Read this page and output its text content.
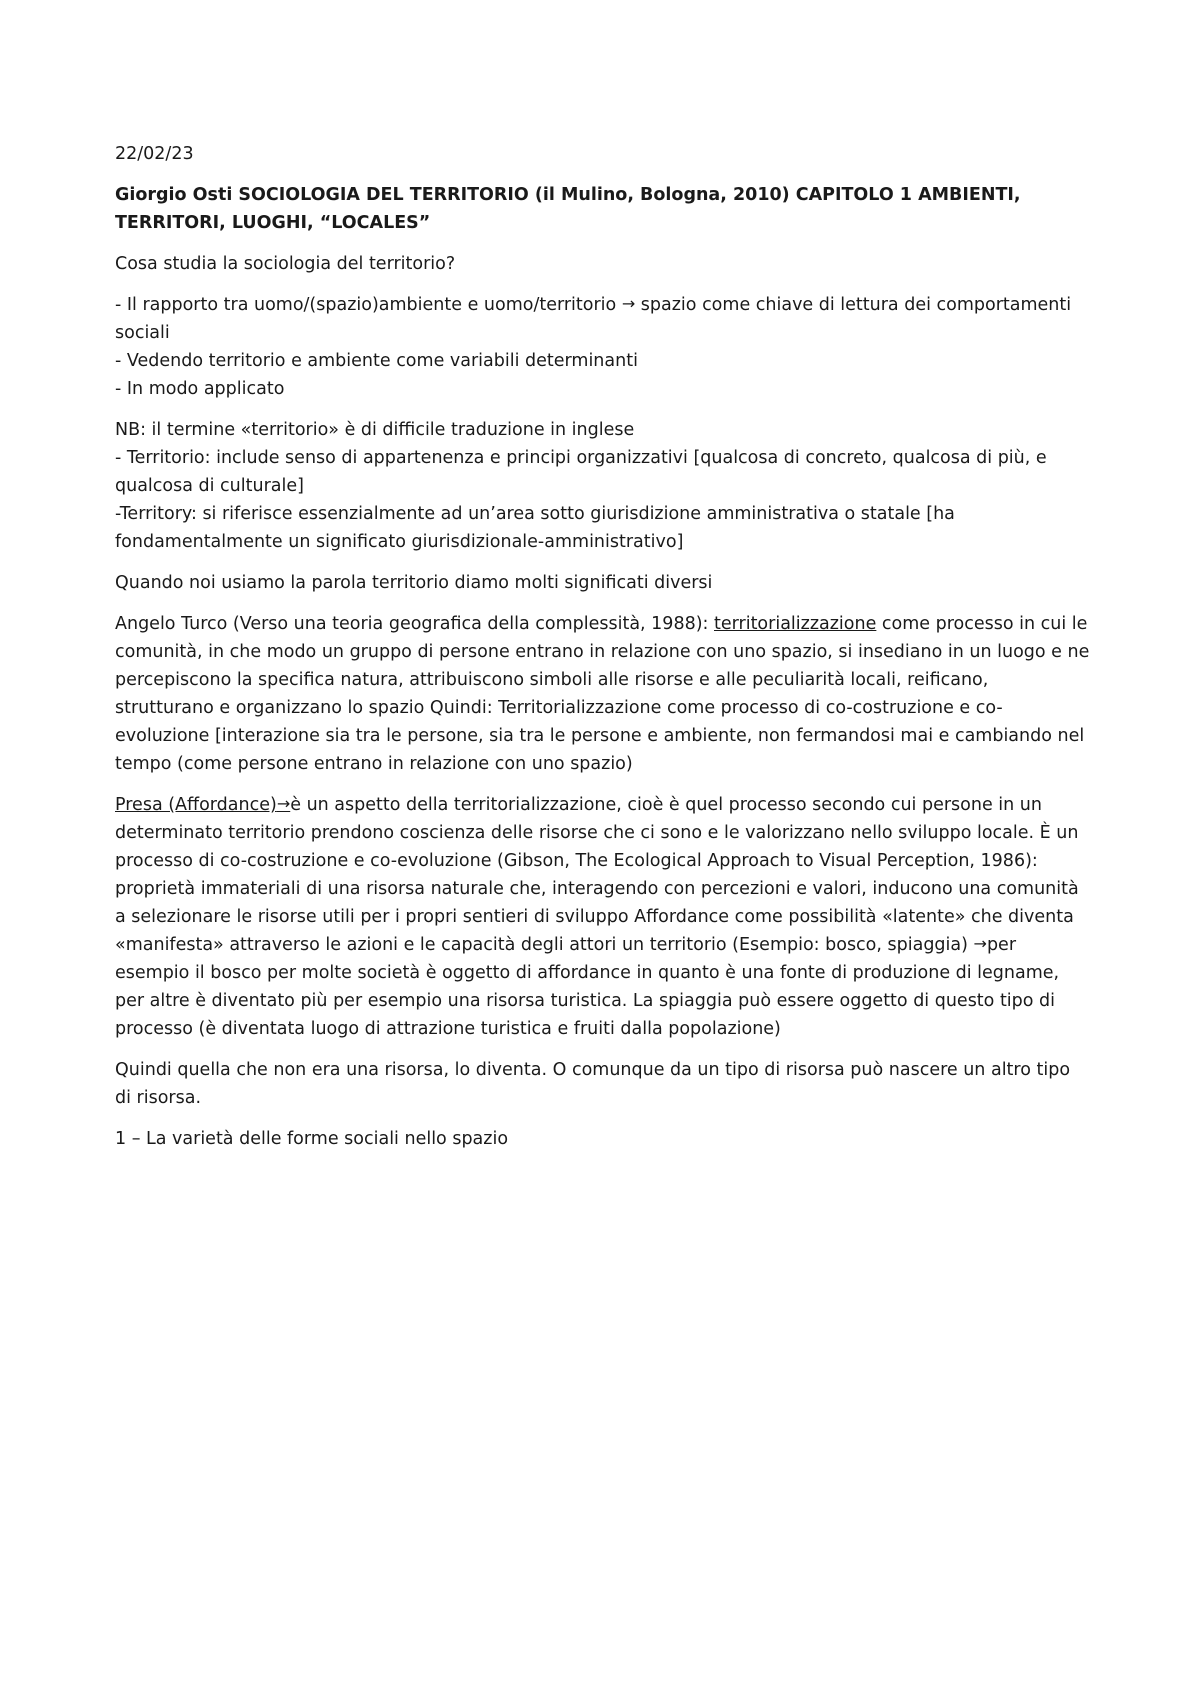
22/02/23

Giorgio Osti SOCIOLOGIA DEL TERRITORIO (il Mulino, Bologna, 2010) CAPITOLO 1 AMBIENTI, TERRITORI, LUOGHI, “LOCALES”

Cosa studia la sociologia del territorio?

- Il rapporto tra uomo/(spazio)ambiente e uomo/territorio → spazio come chiave di lettura dei comportamenti sociali
- Vedendo territorio e ambiente come variabili determinanti
- In modo applicato

NB: il termine «territorio» è di difficile traduzione in inglese
- Territorio: include senso di appartenenza e principi organizzativi [qualcosa di concreto, qualcosa di più, e qualcosa di culturale]
-Territory: si riferisce essenzialmente ad un’area sotto giurisdizione amministrativa o statale [ha fondamentalmente un significato giurisdizionale-amministrativo]

Quando noi usiamo la parola territorio diamo molti significati diversi

Angelo Turco (Verso una teoria geografica della complessità, 1988): territorializzazione come processo in cui le comunità, in che modo un gruppo di persone entrano in relazione con uno spazio, si insediano in un luogo e ne percepiscono la specifica natura, attribuiscono simboli alle risorse e alle peculiarità locali, reificano, strutturano e organizzano lo spazio Quindi: Territorializzazione come processo di co-costruzione e co-evoluzione [interazione sia tra le persone, sia tra le persone e ambiente, non fermandosi mai e cambiando nel tempo (come persone entrano in relazione con uno spazio)

Presa (Affordance)→è un aspetto della territorializzazione, cioè è quel processo secondo cui persone in un determinato territorio prendono coscienza delle risorse che ci sono e le valorizzano nello sviluppo locale. È un processo di co-costruzione e co-evoluzione (Gibson, The Ecological Approach to Visual Perception, 1986): proprietà immateriali di una risorsa naturale che, interagendo con percezioni e valori, inducono una comunità a selezionare le risorse utili per i propri sentieri di sviluppo Affordance come possibilità «latente» che diventa «manifesta» attraverso le azioni e le capacità degli attori un territorio (Esempio: bosco, spiaggia) →per esempio il bosco per molte società è oggetto di affordance in quanto è una fonte di produzione di legname, per altre è diventato più per esempio una risorsa turistica. La spiaggia può essere oggetto di questo tipo di processo (è diventata luogo di attrazione turistica e fruiti dalla popolazione)

Quindi quella che non era una risorsa, lo diventa. O comunque da un tipo di risorsa può nascere un altro tipo di risorsa.

1 – La varietà delle forme sociali nello spazio
